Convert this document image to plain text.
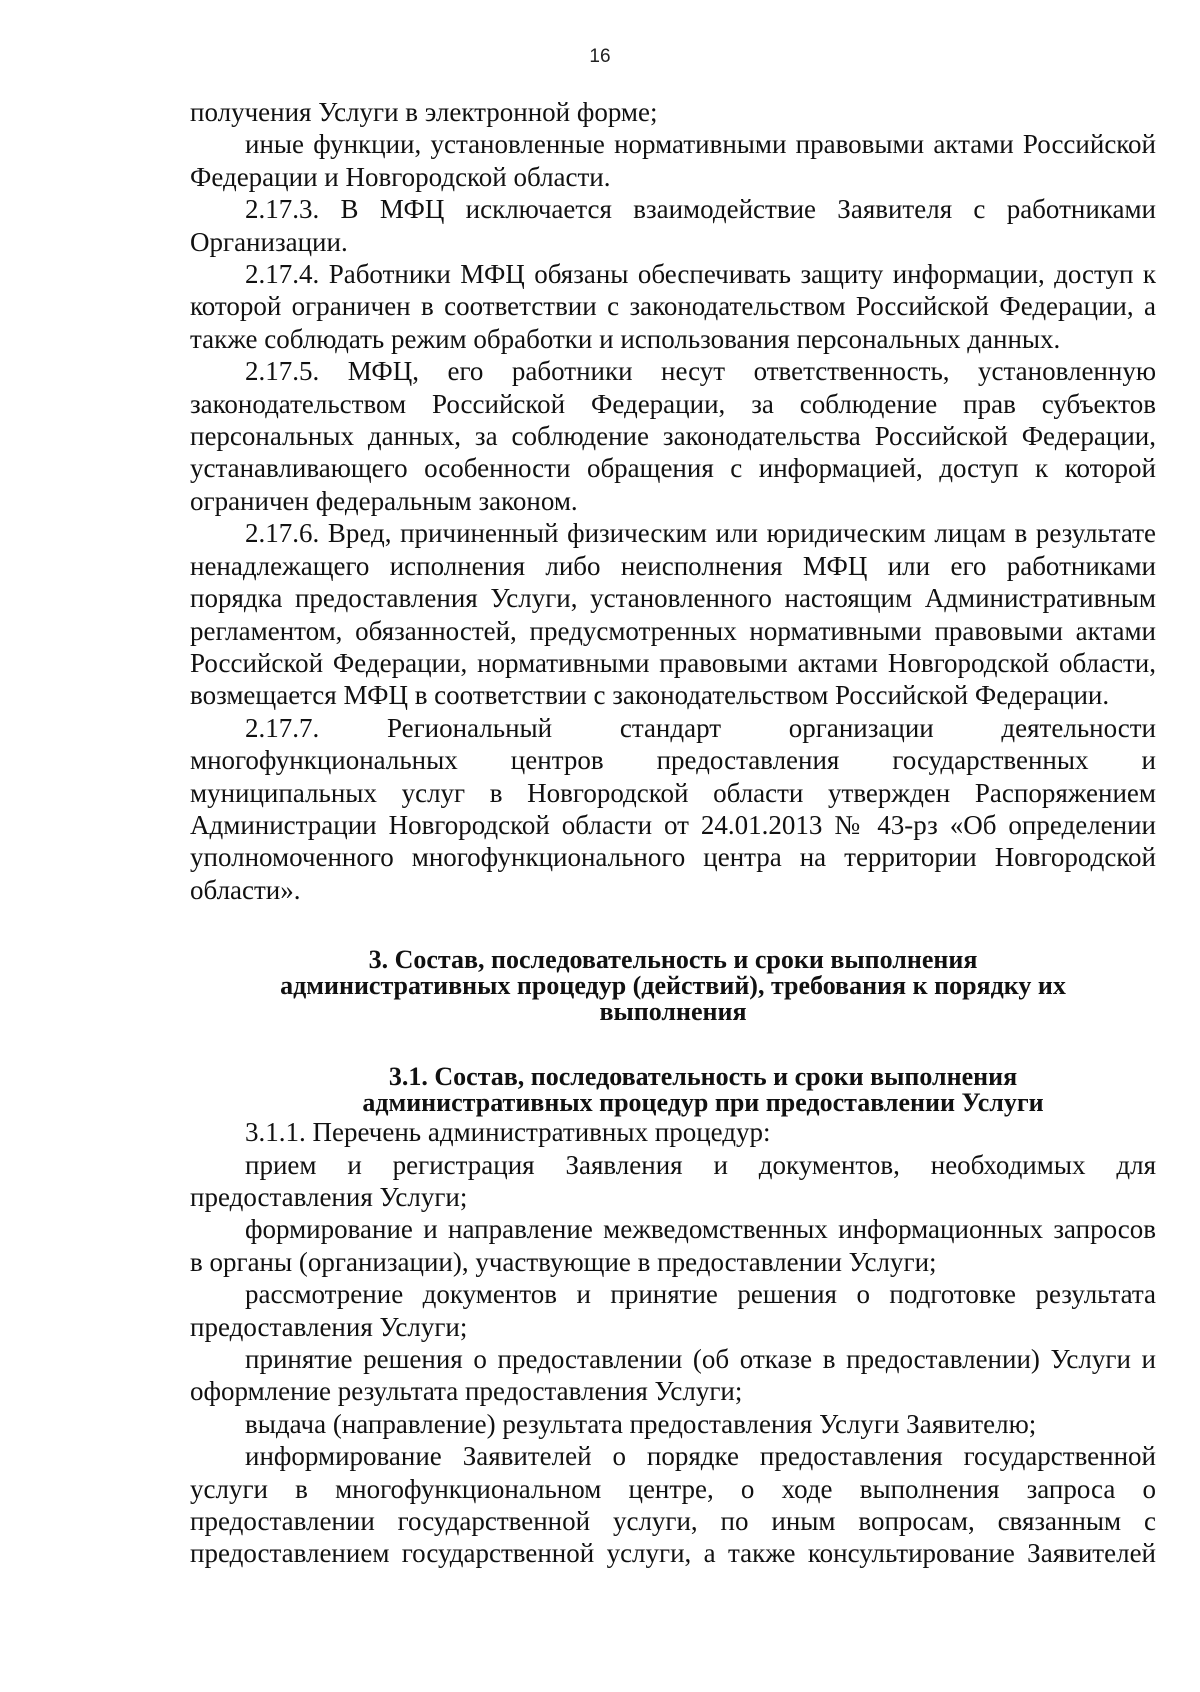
16

получения Услуги в электронной форме;

иные функции, установленные нормативными правовыми актами Российской Федерации и Новгородской области.

2.17.3. В МФЦ исключается взаимодействие Заявителя с работниками Организации.

2.17.4. Работники МФЦ обязаны обеспечивать защиту информации, доступ к которой ограничен в соответствии с законодательством Российской Федерации, а также соблюдать режим обработки и использования персональных данных.

2.17.5. МФЦ, его работники несут ответственность, установленную законодательством Российской Федерации, за соблюдение прав субъектов персональных данных, за соблюдение законодательства Российской Федерации, устанавливающего особенности обращения с информацией, доступ к которой ограничен федеральным законом.

2.17.6. Вред, причиненный физическим или юридическим лицам в результате ненадлежащего исполнения либо неисполнения МФЦ или его работниками порядка предоставления Услуги, установленного настоящим Административным регламентом, обязанностей, предусмотренных нормативными правовыми актами Российской Федерации, нормативными правовыми актами Новгородской области, возмещается МФЦ в соответствии с законодательством Российской Федерации.

2.17.7. Региональный стандарт организации деятельности многофункциональных центров предоставления государственных и муниципальных услуг в Новгородской области утвержден Распоряжением Администрации Новгородской области от 24.01.2013 № 43-рз «Об определении уполномоченного многофункционального центра на территории Новгородской области».

3. Состав, последовательность и сроки выполнения
административных процедур (действий), требования к порядку их
выполнения
3.1. Состав, последовательность и сроки выполнения
административных процедур при предоставлении Услуги

3.1.1. Перечень административных процедур:

прием и регистрация Заявления и документов, необходимых для предоставления Услуги;

формирование и направление межведомственных информационных запросов в органы (организации), участвующие в предоставлении Услуги;

рассмотрение документов и принятие решения о подготовке результата предоставления Услуги;

принятие решения о предоставлении (об отказе в предоставлении) Услуги и оформление результата предоставления Услуги;

выдача (направление) результата предоставления Услуги Заявителю;

информирование Заявителей о порядке предоставления государственной услуги в многофункциональном центре, о ходе выполнения запроса о предоставлении государственной услуги, по иным вопросам, связанным с предоставлением государственной услуги, а также консультирование Заявителей
